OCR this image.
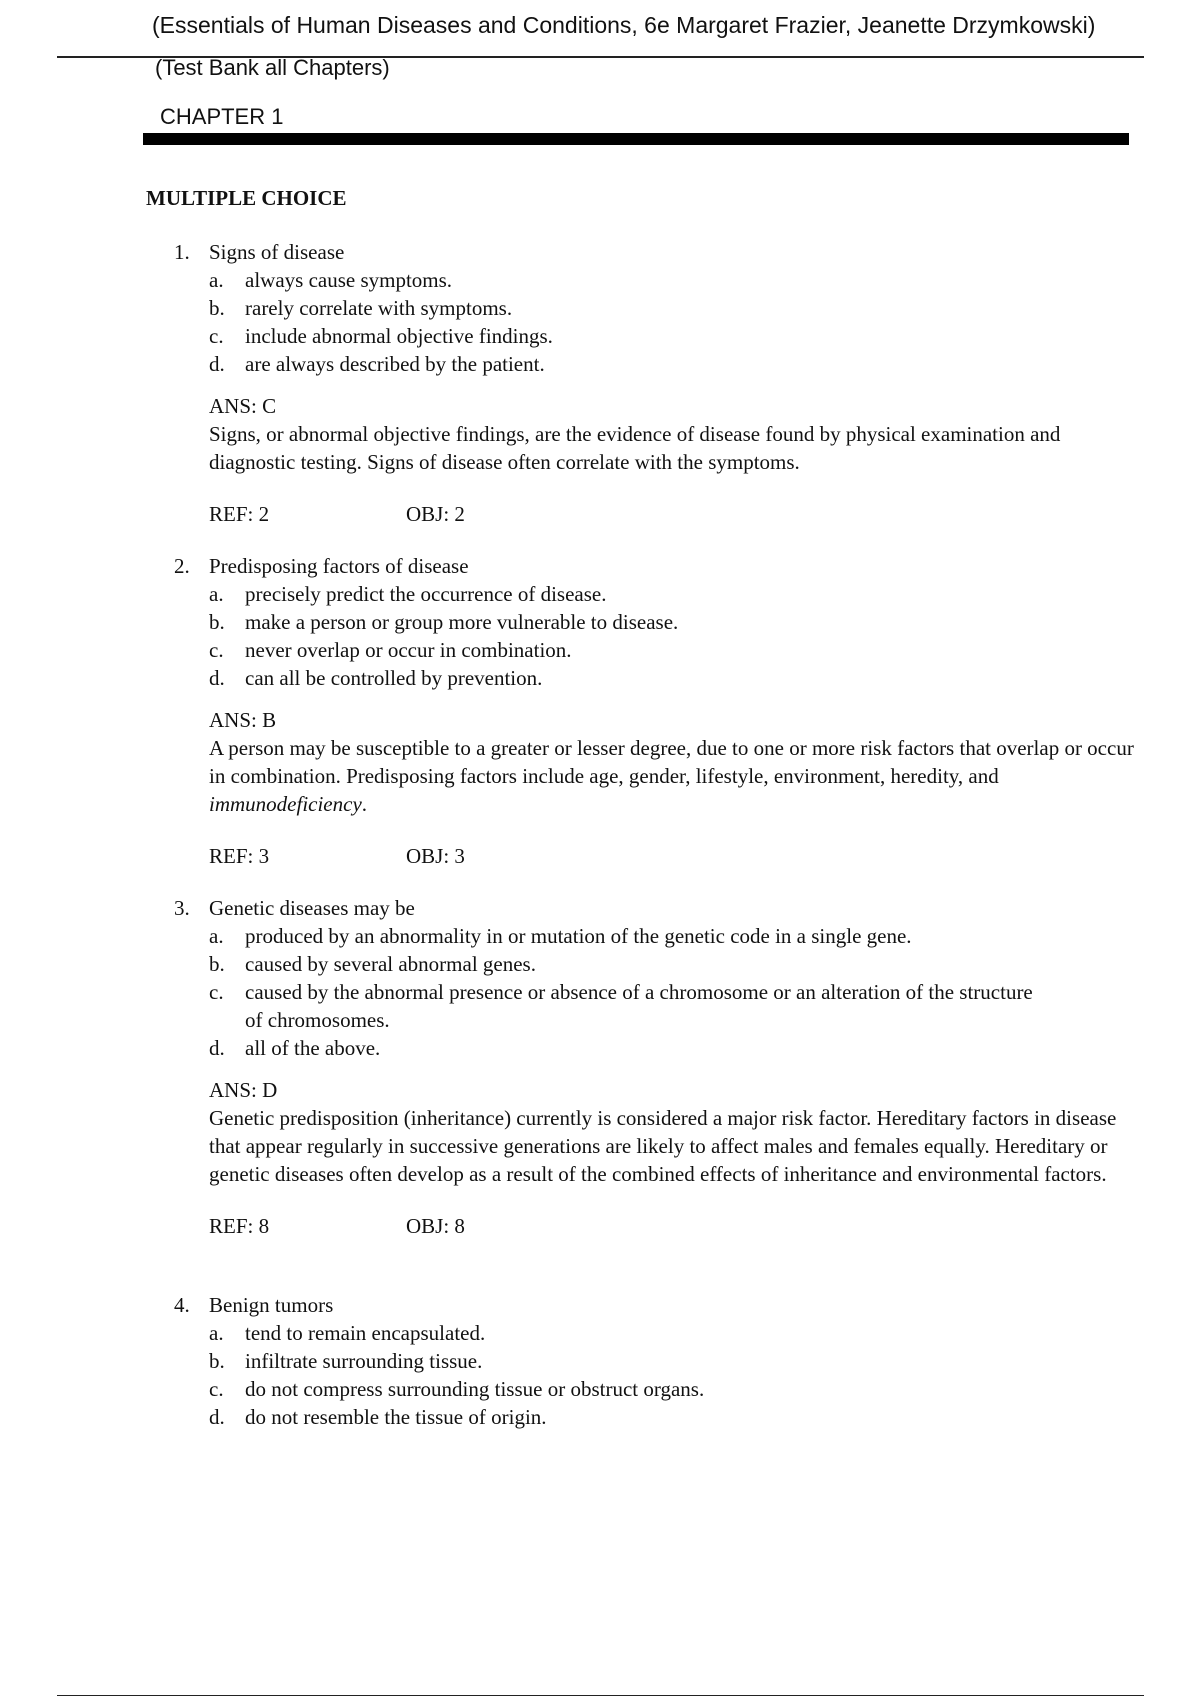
(Essentials of Human Diseases and Conditions, 6e Margaret Frazier, Jeanette Drzymkowski)
(Test Bank all Chapters)
CHAPTER 1
MULTIPLE CHOICE
1. Signs of disease
a.	always cause symptoms.
b. rarely correlate with symptoms.
c.	include abnormal objective findings.
d. are always described by the patient.
ANS: C
Signs, or abnormal objective findings, are the evidence of disease found by physical examination and diagnostic testing. Signs of disease often correlate with the symptoms.
REF: 2	OBJ: 2
2. Predisposing factors of disease
a.	precisely predict the occurrence of disease.
b. make a person or group more vulnerable to disease.
c.	never overlap or occur in combination.
d. can all be controlled by prevention.
ANS: B
A person may be susceptible to a greater or lesser degree, due to one or more risk factors that overlap or occur in combination. Predisposing factors include age, gender, lifestyle, environment, heredity, and immunodeficiency.
REF: 3	OBJ: 3
3. Genetic diseases may be
a.	produced by an abnormality in or mutation of the genetic code in a single gene.
b. caused by several abnormal genes.
c.	caused by the abnormal presence or absence of a chromosome or an alteration of the structure of chromosomes.
d. all of the above.
ANS: D
Genetic predisposition (inheritance) currently is considered a major risk factor. Hereditary factors in disease that appear regularly in successive generations are likely to affect males and females equally. Hereditary or genetic diseases often develop as a result of the combined effects of inheritance and environmental factors.
REF: 8	OBJ: 8
4. Benign tumors
a.	tend to remain encapsulated.
b. infiltrate surrounding tissue.
c.	do not compress surrounding tissue or obstruct organs.
d. do not resemble the tissue of origin.
